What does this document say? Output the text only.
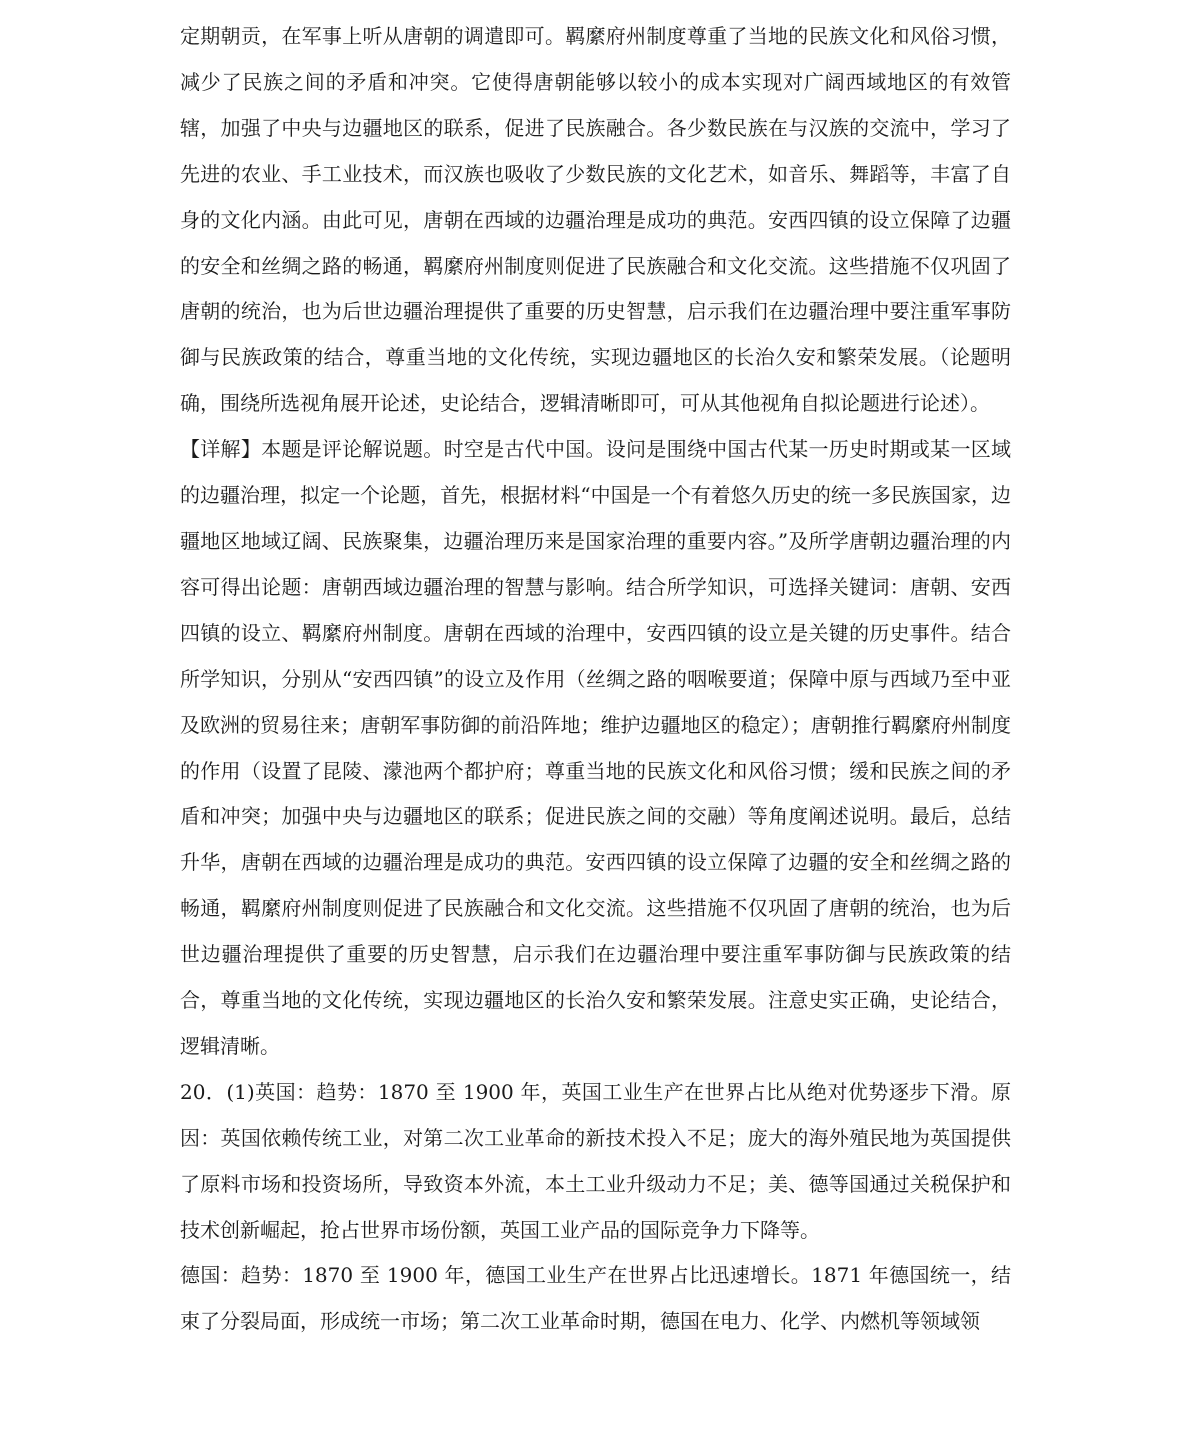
定期朝贡，在军事上听从唐朝的调遣即可。羁縻府州制度尊重了当地的民族文化和风俗习惯，减少了民族之间的矛盾和冲突。它使得唐朝能够以较小的成本实现对广阔西域地区的有效管辖，加强了中央与边疆地区的联系，促进了民族融合。各少数民族在与汉族的交流中，学习了先进的农业、手工业技术，而汉族也吸收了少数民族的文化艺术，如音乐、舞蹈等，丰富了自身的文化内涵。由此可见，唐朝在西域的边疆治理是成功的典范。安西四镇的设立保障了边疆的安全和丝绸之路的畅通，羁縻府州制度则促进了民族融合和文化交流。这些措施不仅巩固了唐朝的统治，也为后世边疆治理提供了重要的历史智慧，启示我们在边疆治理中要注重军事防御与民族政策的结合，尊重当地的文化传统，实现边疆地区的长治久安和繁荣发展。（论题明确，围绕所选视角展开论述，史论结合，逻辑清晰即可，可从其他视角自拟论题进行论述）。

【详解】本题是评论解说题。时空是古代中国。设问是围绕中国古代某一历史时期或某一区域的边疆治理，拟定一个论题，首先，根据材料“中国是一个有着悠久历史的统一多民族国家，边疆地区地域辽阔、民族聚集，边疆治理历来是国家治理的重要内容。”及所学唐朝边疆治理的内容可得出论题：唐朝西域边疆治理的智慧与影响。结合所学知识，可选择关键词：唐朝、安西四镇的设立、羁縻府州制度。唐朝在西域的治理中，安西四镇的设立是关键的历史事件。结合所学知识，分别从“安西四镇”的设立及作用（丝绸之路的咽喉要道；保障中原与西域乃至中亚及欧洲的贸易往来；唐朝军事防御的前沿阵地；维护边疆地区的稳定）；唐朝推行羁縻府州制度的作用（设置了昆陵、濛池两个都护府；尊重当地的民族文化和风俗习惯；缓和民族之间的矛盾和冲突；加强中央与边疆地区的联系；促进民族之间的交融）等角度阐述说明。最后，总结升华，唐朝在西域的边疆治理是成功的典范。安西四镇的设立保障了边疆的安全和丝绸之路的畅通，羁縻府州制度则促进了民族融合和文化交流。这些措施不仅巩固了唐朝的统治，也为后世边疆治理提供了重要的历史智慧，启示我们在边疆治理中要注重军事防御与民族政策的结合，尊重当地的文化传统，实现边疆地区的长治久安和繁荣发展。注意史实正确，史论结合，逻辑清晰。

20．(1)英国：趋势：1870 至 1900 年，英国工业生产在世界占比从绝对优势逐步下滑。原因：英国依赖传统工业，对第二次工业革命的新技术投入不足；庞大的海外殖民地为英国提供了原料市场和投资场所，导致资本外流，本土工业升级动力不足；美、德等国通过关税保护和技术创新崛起，抢占世界市场份额，英国工业产品的国际竞争力下降等。

德国：趋势：1870 至 1900 年，德国工业生产在世界占比迅速增长。1871 年德国统一，结束了分裂局面，形成统一市场；第二次工业革命时期，德国在电力、化学、内燃机等领域领
